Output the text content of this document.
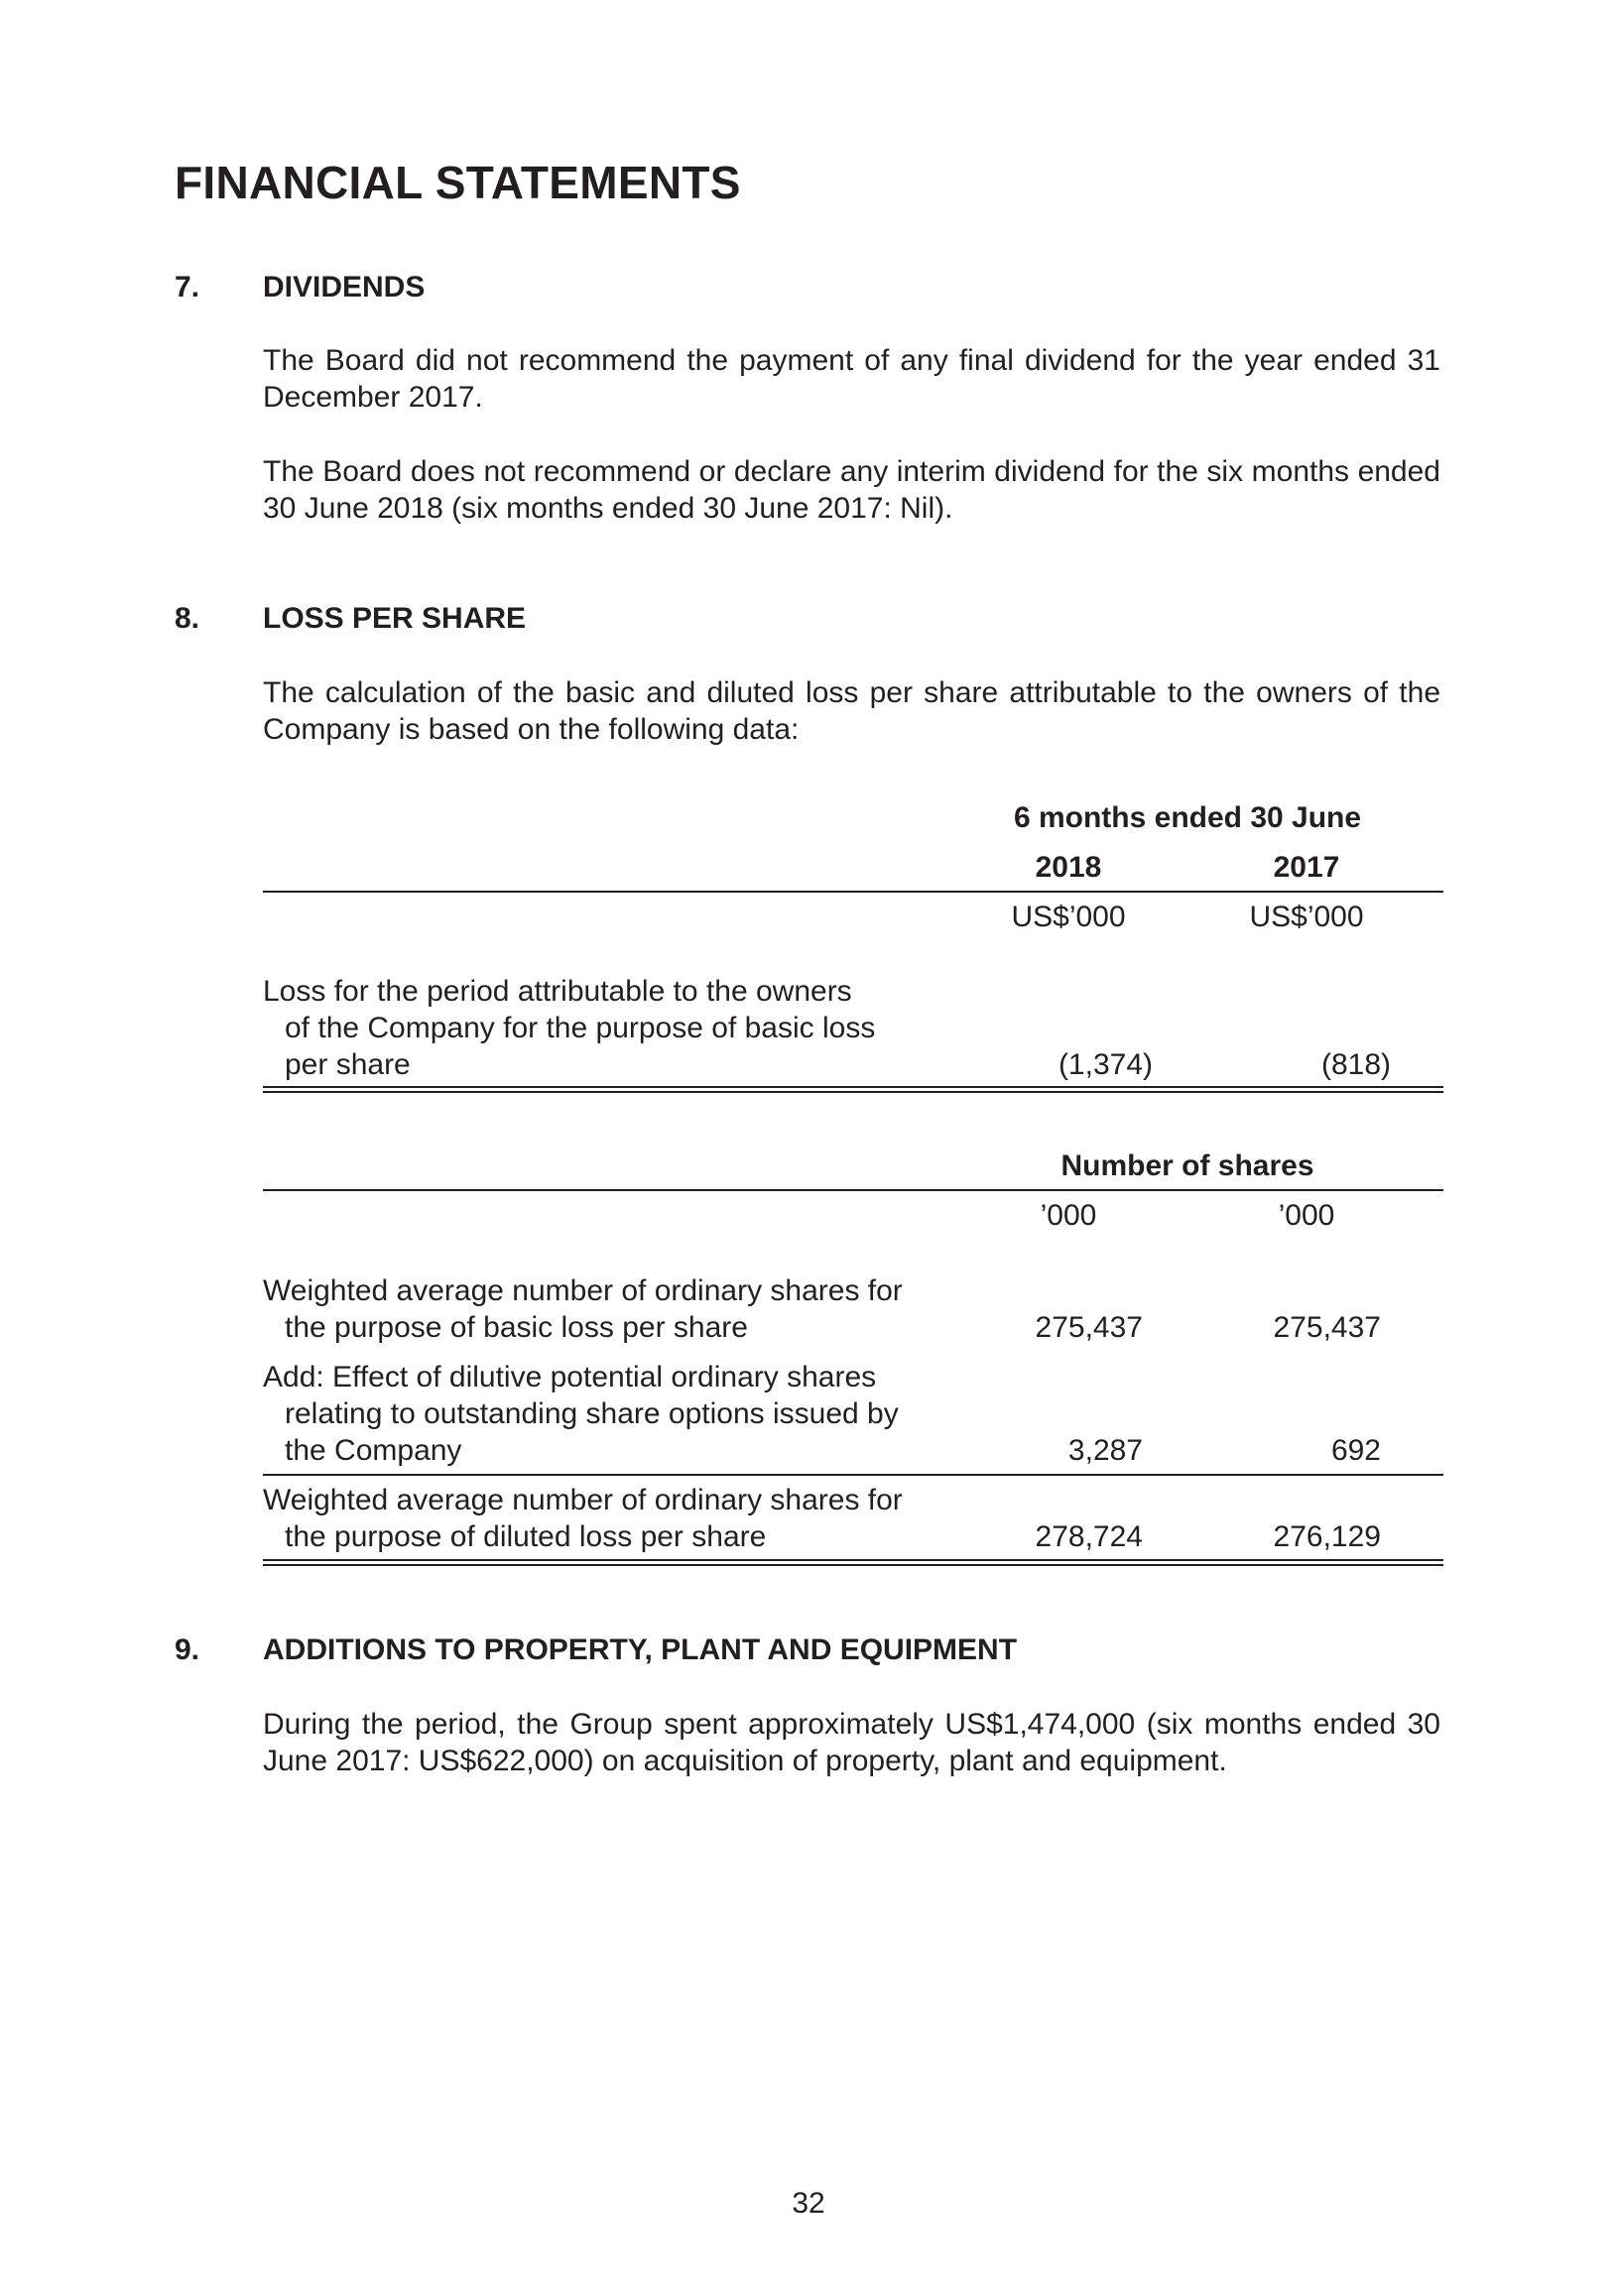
FINANCIAL STATEMENTS
7. DIVIDENDS
The Board did not recommend the payment of any final dividend for the year ended 31 December 2017.
The Board does not recommend or declare any interim dividend for the six months ended 30 June 2018 (six months ended 30 June 2017: Nil).
8. LOSS PER SHARE
The calculation of the basic and diluted loss per share attributable to the owners of the Company is based on the following data:
6 months ended 30 June
2018	2017
US$’000	US$’000
Loss for the period attributable to the owners
of the Company for the purpose of basic loss
per share	(1,374)	(818)
Number of shares
’000	’000
Weighted average number of ordinary shares for
the purpose of basic loss per share	275,437	275,437
Add: Effect of dilutive potential ordinary shares
relating to outstanding share options issued by
the Company	3,287	692
Weighted average number of ordinary shares for
the purpose of diluted loss per share	278,724	276,129
9. ADDITIONS TO PROPERTY, PLANT AND EQUIPMENT
During the period, the Group spent approximately US$1,474,000 (six months ended 30 June 2017: US$622,000) on acquisition of property, plant and equipment.
32
